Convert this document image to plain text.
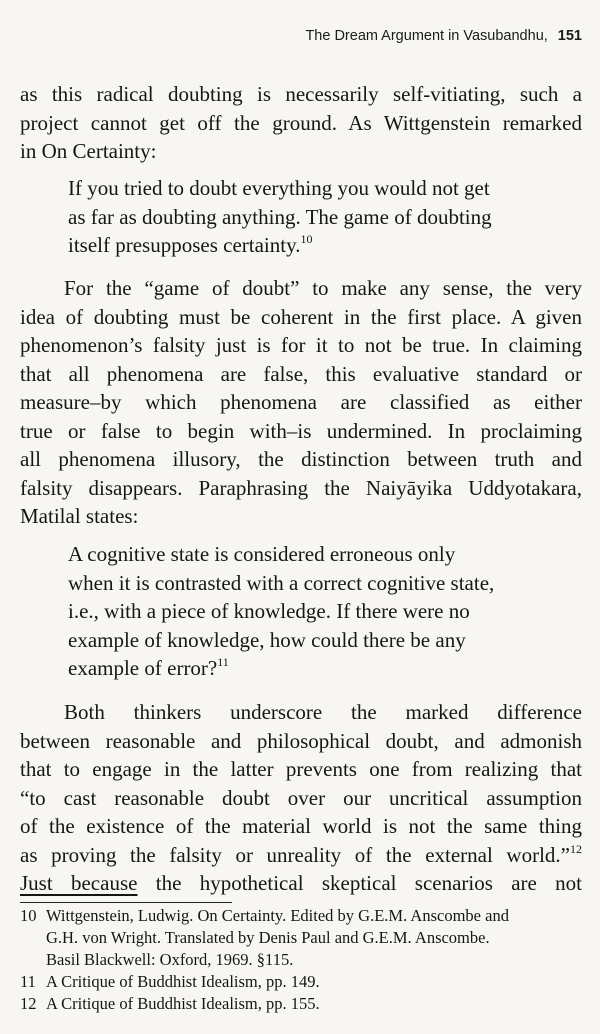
The Dream Argument in Vasubandhu, 151

as this radical doubting is necessarily self-vitiating, such a

project cannot get off the ground. As Wittgenstein remarked

in On Certainty:

If you tried to doubt everything you would not get

as far as doubting anything. The game of doubting

itself presupposes certainty.$^{10}$

For the “game of doubt” to make any sense, the very

idea of doubting must be coherent in the first place. A given

phenomenon’s falsity just is for it to not be true. In claiming

that all phenomena are false, this evaluative standard or

measure–by which phenomena are classified as either

true or false to begin with–is undermined. In proclaiming

all phenomena illusory, the distinction between truth and

falsity disappears. Paraphrasing the Naiyāyika Uddyotakara,

Matilal states:

A cognitive state is considered erroneous only

when it is contrasted with a correct cognitive state,

i.e., with a piece of knowledge. If there were no

example of knowledge, how could there be any

example of error?$^{11}$

Both thinkers underscore the marked difference

between reasonable and philosophical doubt, and admonish

that to engage in the latter prevents one from realizing that

“to cast reasonable doubt over our uncritical assumption

of the existence of the material world is not the same thing

as proving the falsity or unreality of the external world.”$^{12}$

Just because the hypothetical skeptical scenarios are not

10 Wittgenstein, Ludwig. On Certainty. Edited by G.E.M. Anscombe and
G.H. von Wright. Translated by Denis Paul and G.E.M. Anscombe.
Basil Blackwell: Oxford, 1969. §115.
11 A Critique of Buddhist Idealism, pp. 149.
12 A Critique of Buddhist Idealism, pp. 155.
